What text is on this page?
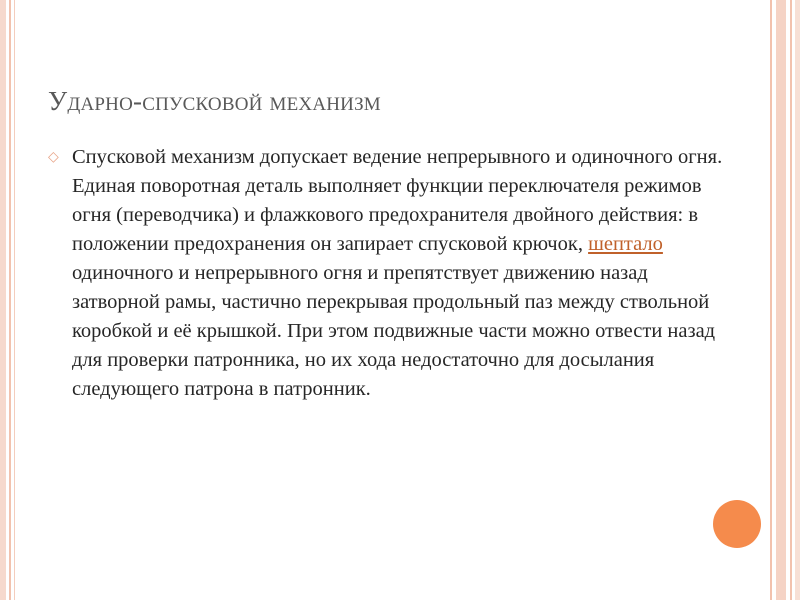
Ударно-спусковой механизм
◇ Спусковой механизм допускает ведение непрерывного и одиночного огня. Единая поворотная деталь выполняет функции переключателя режимов огня (переводчика) и флажкового предохранителя двойного действия: в положении предохранения он запирает спусковой крючок, шептало одиночного и непрерывного огня и препятствует движению назад затворной рамы, частично перекрывая продольный паз между ствольной коробкой и её крышкой. При этом подвижные части можно отвести назад для проверки патронника, но их хода недостаточно для досылания следующего патрона в патронник.
